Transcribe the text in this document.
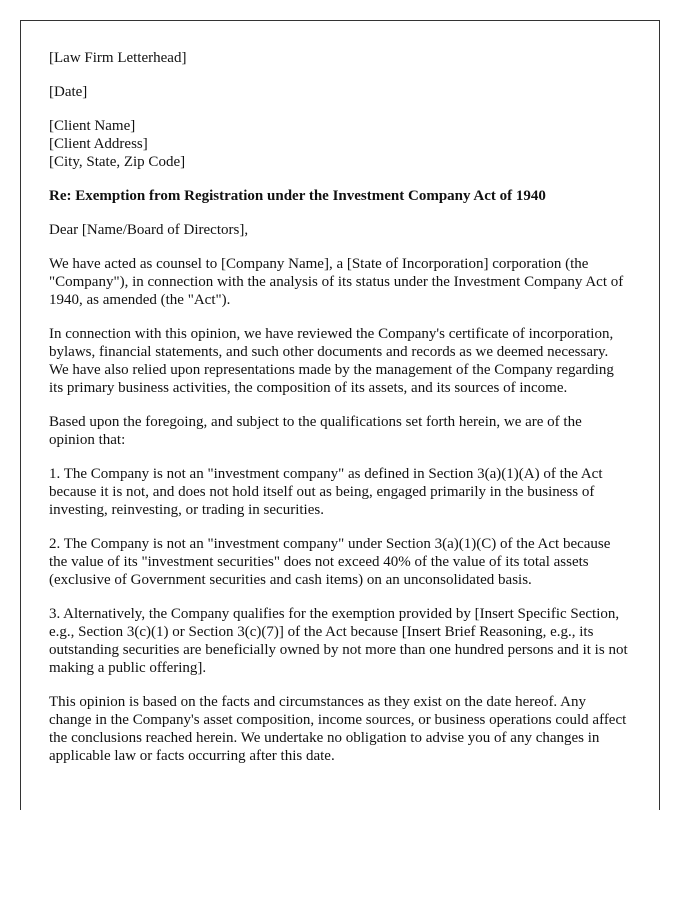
[Law Firm Letterhead]

[Date]

[Client Name]
[Client Address]
[City, State, Zip Code]

Re: Exemption from Registration under the Investment Company Act of 1940

Dear [Name/Board of Directors],

We have acted as counsel to [Company Name], a [State of Incorporation] corporation (the "Company"), in connection with the analysis of its status under the Investment Company Act of 1940, as amended (the "Act").

In connection with this opinion, we have reviewed the Company's certificate of incorporation, bylaws, financial statements, and such other documents and records as we deemed necessary. We have also relied upon representations made by the management of the Company regarding its primary business activities, the composition of its assets, and its sources of income.

Based upon the foregoing, and subject to the qualifications set forth herein, we are of the opinion that:

1. The Company is not an "investment company" as defined in Section 3(a)(1)(A) of the Act because it is not, and does not hold itself out as being, engaged primarily in the business of investing, reinvesting, or trading in securities.

2. The Company is not an "investment company" under Section 3(a)(1)(C) of the Act because the value of its "investment securities" does not exceed 40% of the value of its total assets (exclusive of Government securities and cash items) on an unconsolidated basis.

3. Alternatively, the Company qualifies for the exemption provided by [Insert Specific Section, e.g., Section 3(c)(1) or Section 3(c)(7)] of the Act because [Insert Brief Reasoning, e.g., its outstanding securities are beneficially owned by not more than one hundred persons and it is not making a public offering].

This opinion is based on the facts and circumstances as they exist on the date hereof. Any change in the Company's asset composition, income sources, or business operations could affect the conclusions reached herein. We undertake no obligation to advise you of any changes in applicable law or facts occurring after this date.
